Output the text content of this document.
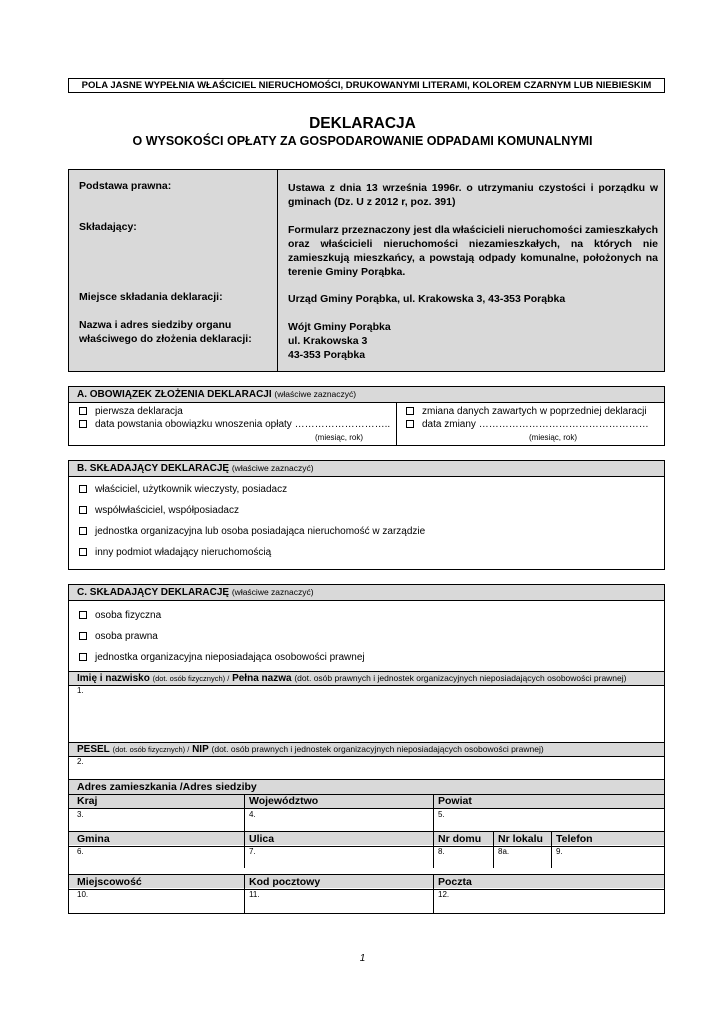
POLA JASNE WYPEŁNIA WŁAŚCICIEL NIERUCHOMOŚCI, DRUKOWANYMI LITERAMI, KOLOREM CZARNYM LUB NIEBIESKIM
DEKLARACJA
O WYSOKOŚCI OPŁATY ZA GOSPODAROWANIE ODPADAMI KOMUNALNYMI
Podstawa prawna:	Ustawa z dnia 13 września 1996r. o utrzymaniu czystości i porządku w gminach (Dz. U z 2012 r, poz. 391)
Składający:	Formularz przeznaczony jest dla właścicieli nieruchomości zamieszkałych oraz właścicieli nieruchomości niezamieszkałych, na których nie zamieszkują mieszkańcy, a powstają odpady komunalne, położonych na terenie Gminy Porąbka.
Miejsce składania deklaracji:	Urząd Gminy Porąbka, ul. Krakowska 3, 43-353 Porąbka
Nazwa i adres siedziby organu
właściwego do złożenia deklaracji:
Wójt Gminy Porąbka
ul. Krakowska 3
43-353 Porąbka
A. OBOWIĄZEK ZŁOŻENIA DEKLARACJI (właściwe zaznaczyć)
pierwsza deklaracja
data powstania obowiązku wnoszenia opłaty ………………………..
(miesiąc, rok)
zmiana danych zawartych w poprzedniej deklaracji
data zmiany ……………………………………………
(miesiąc, rok)
B. SKŁADAJĄCY DEKLARACJĘ (właściwe zaznaczyć)
właściciel, użytkownik wieczysty, posiadacz
współwłaściciel, współposiadacz
jednostka organizacyjna lub osoba posiadająca nieruchomość w zarządzie
inny podmiot władający nieruchomością
C. SKŁADAJĄCY DEKLARACJĘ (właściwe zaznaczyć)
osoba fizyczna
osoba prawna
jednostka organizacyjna nieposiadająca osobowości prawnej
Imię i nazwisko (dot. osób fizycznych) / Pełna nazwa (dot. osób prawnych i jednostek organizacyjnych nieposiadających osobowości prawnej)
1.
PESEL (dot. osób fizycznych) / NIP (dot. osób prawnych i jednostek organizacyjnych nieposiadających osobowości prawnej)
2.
Adres zamieszkania /Adres siedziby
Kraj	Województwo	Powiat
3.	4.	5.
Gmina	Ulica	Nr domu Nr lokalu Telefon
6.	7.	8.	8a.	9.
Miejscowość	Kod pocztowy	Poczta
10.	11.	12.
1
